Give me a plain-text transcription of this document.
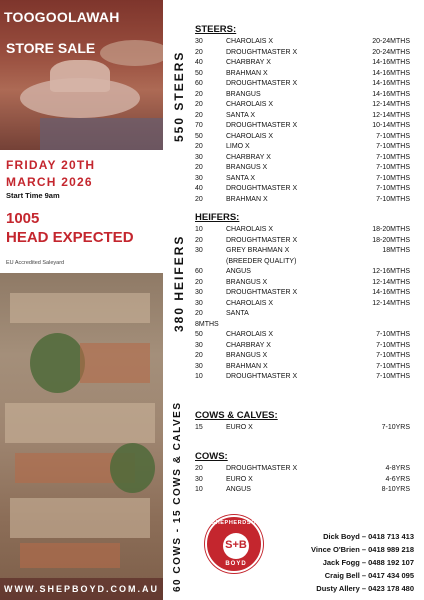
TOOGOOLAWAH
STORE SALE
FRIDAY 20TH
MARCH 2026
Start Time 9am
1005
HEAD EXPECTED
EU Accredited Saleyard
WWW.SHEPBOYD.COM.AU
550 STEERS
380 HEIFERS
60 COWS - 15 COWS & CALVES
STEERS:
30	CHAROLAIS X	20-24MTHS
20	DROUGHTMASTER X	20-24MTHS
40	CHARBRAY X	14-16MTHS
50	BRAHMAN X	14-16MTHS
60	DROUGHTMASTER X	14-16MTHS
20	BRANGUS	14-16MTHS
20	CHAROLAIS X	12-14MTHS
20	SANTA X	12-14MTHS
70	DROUGHTMASTER X	10-14MTHS
50	CHAROLAIS X	7-10MTHS
20	LIMO X	7-10MTHS
30	CHARBRAY X	7-10MTHS
20	BRANGUS X	7-10MTHS
30	SANTA X	7-10MTHS
40	DROUGHTMASTER X	7-10MTHS
20	BRAHMAN X	7-10MTHS
HEIFERS:
10	CHAROLAIS X	18-20MTHS
20	DROUGHTMASTER X	18-20MTHS
30	GREY BRAHMAN X	18MTHS
(BREEDER QUALITY)
60	ANGUS	12-16MTHS
20	BRANGUS X	12-14MTHS
30	DROUGHTMASTER X	14-16MTHS
30	CHAROLAIS X	12-14MTHS
20	SANTA
8MTHS
50	CHAROLAIS X	7-10MTHS
30	CHARBRAY X	7-10MTHS
20	BRANGUS X	7-10MTHS
30	BRAHMAN X	7-10MTHS
10	DROUGHTMASTER X	7-10MTHS
COWS & CALVES:
15	EURO X	7-10YRS
COWS:
20	DROUGHTMASTER X	4-8YRS
30	EURO X	4-6YRS
10	ANGUS	8-10YRS
SHEPHERDSON
S+B
BOYD
Dick Boyd – 0418 713 413
Vince O'Brien – 0418 989 218
Jack Fogg – 0488 192 107
Craig Bell – 0417 434 095
Dusty Allery – 0423 178 480
